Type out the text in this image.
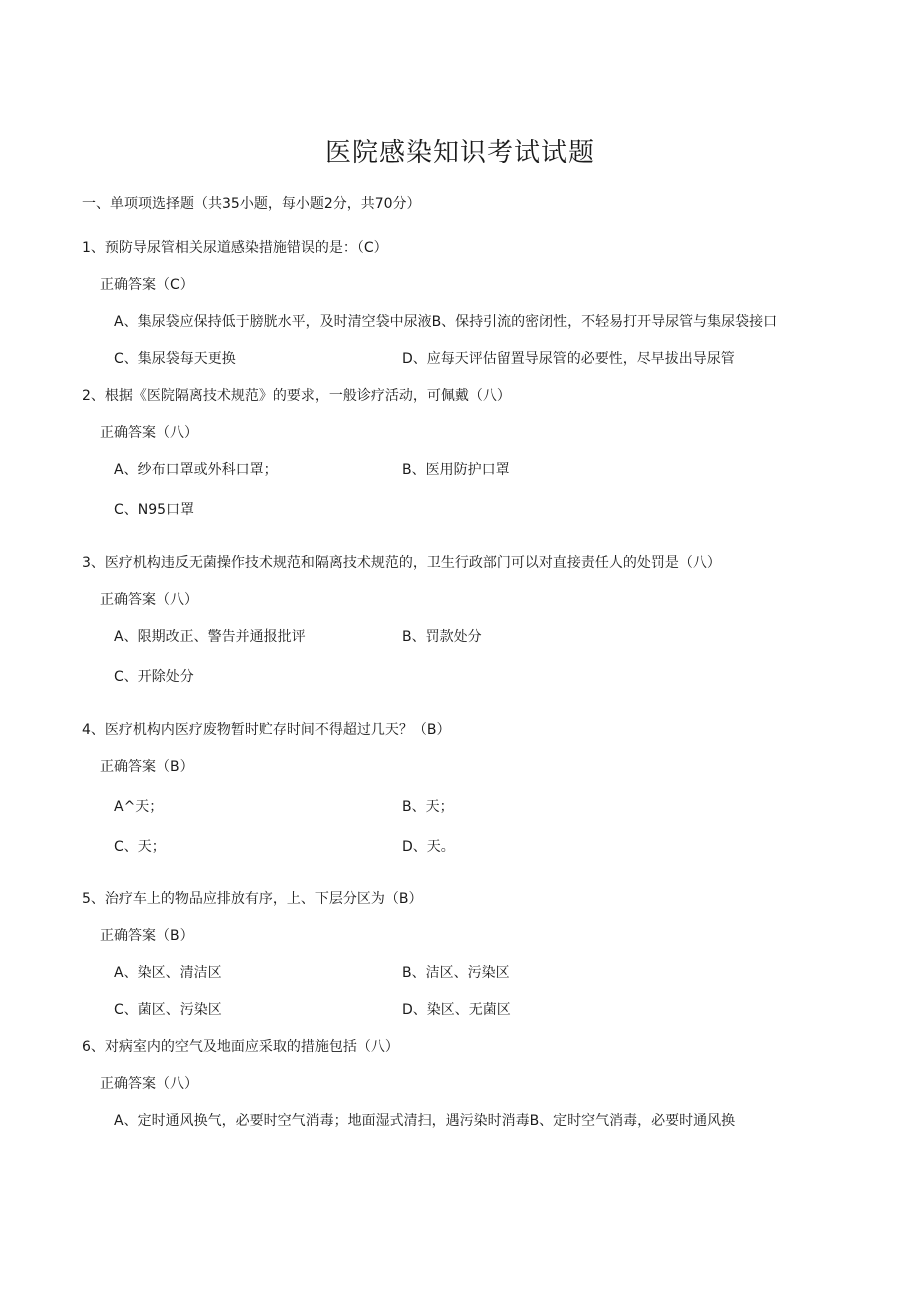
医院感染知识考试试题
一、单项项选择题（共35小题，每小题2分，共70分）
1、预防导尿管相关尿道感染措施错误的是：（C）
正确答案（C）
A、集尿袋应保持低于膀胱水平，及时清空袋中尿液B、保持引流的密闭性，不轻易打开导尿管与集尿袋接口
C、集尿袋每天更换	D、应每天评估留置导尿管的必要性，尽早拔出导尿管
2、根据《医院隔离技术规范》的要求，一般诊疗活动，可佩戴（八）
正确答案（八）
A、纱布口罩或外科口罩；	B、医用防护口罩
C、N95口罩
3、医疗机构违反无菌操作技术规范和隔离技术规范的，卫生行政部门可以对直接责任人的处罚是（八）
正确答案（八）
A、限期改正、警告并通报批评	B、罚款处分
C、开除处分
4、医疗机构内医疗废物暂时贮存时间不得超过几天？（B）
正确答案（B）
A^天；	B、天；
C、天；	D、天。
5、治疗车上的物品应排放有序，上、下层分区为（B）
正确答案（B）
A、染区、清洁区	B、洁区、污染区
C、菌区、污染区	D、染区、无菌区
6、对病室内的空气及地面应采取的措施包括（八）
正确答案（八）
A、定时通风换气，必要时空气消毒；地面湿式清扫，遇污染时消毒B、定时空气消毒，必要时通风换
